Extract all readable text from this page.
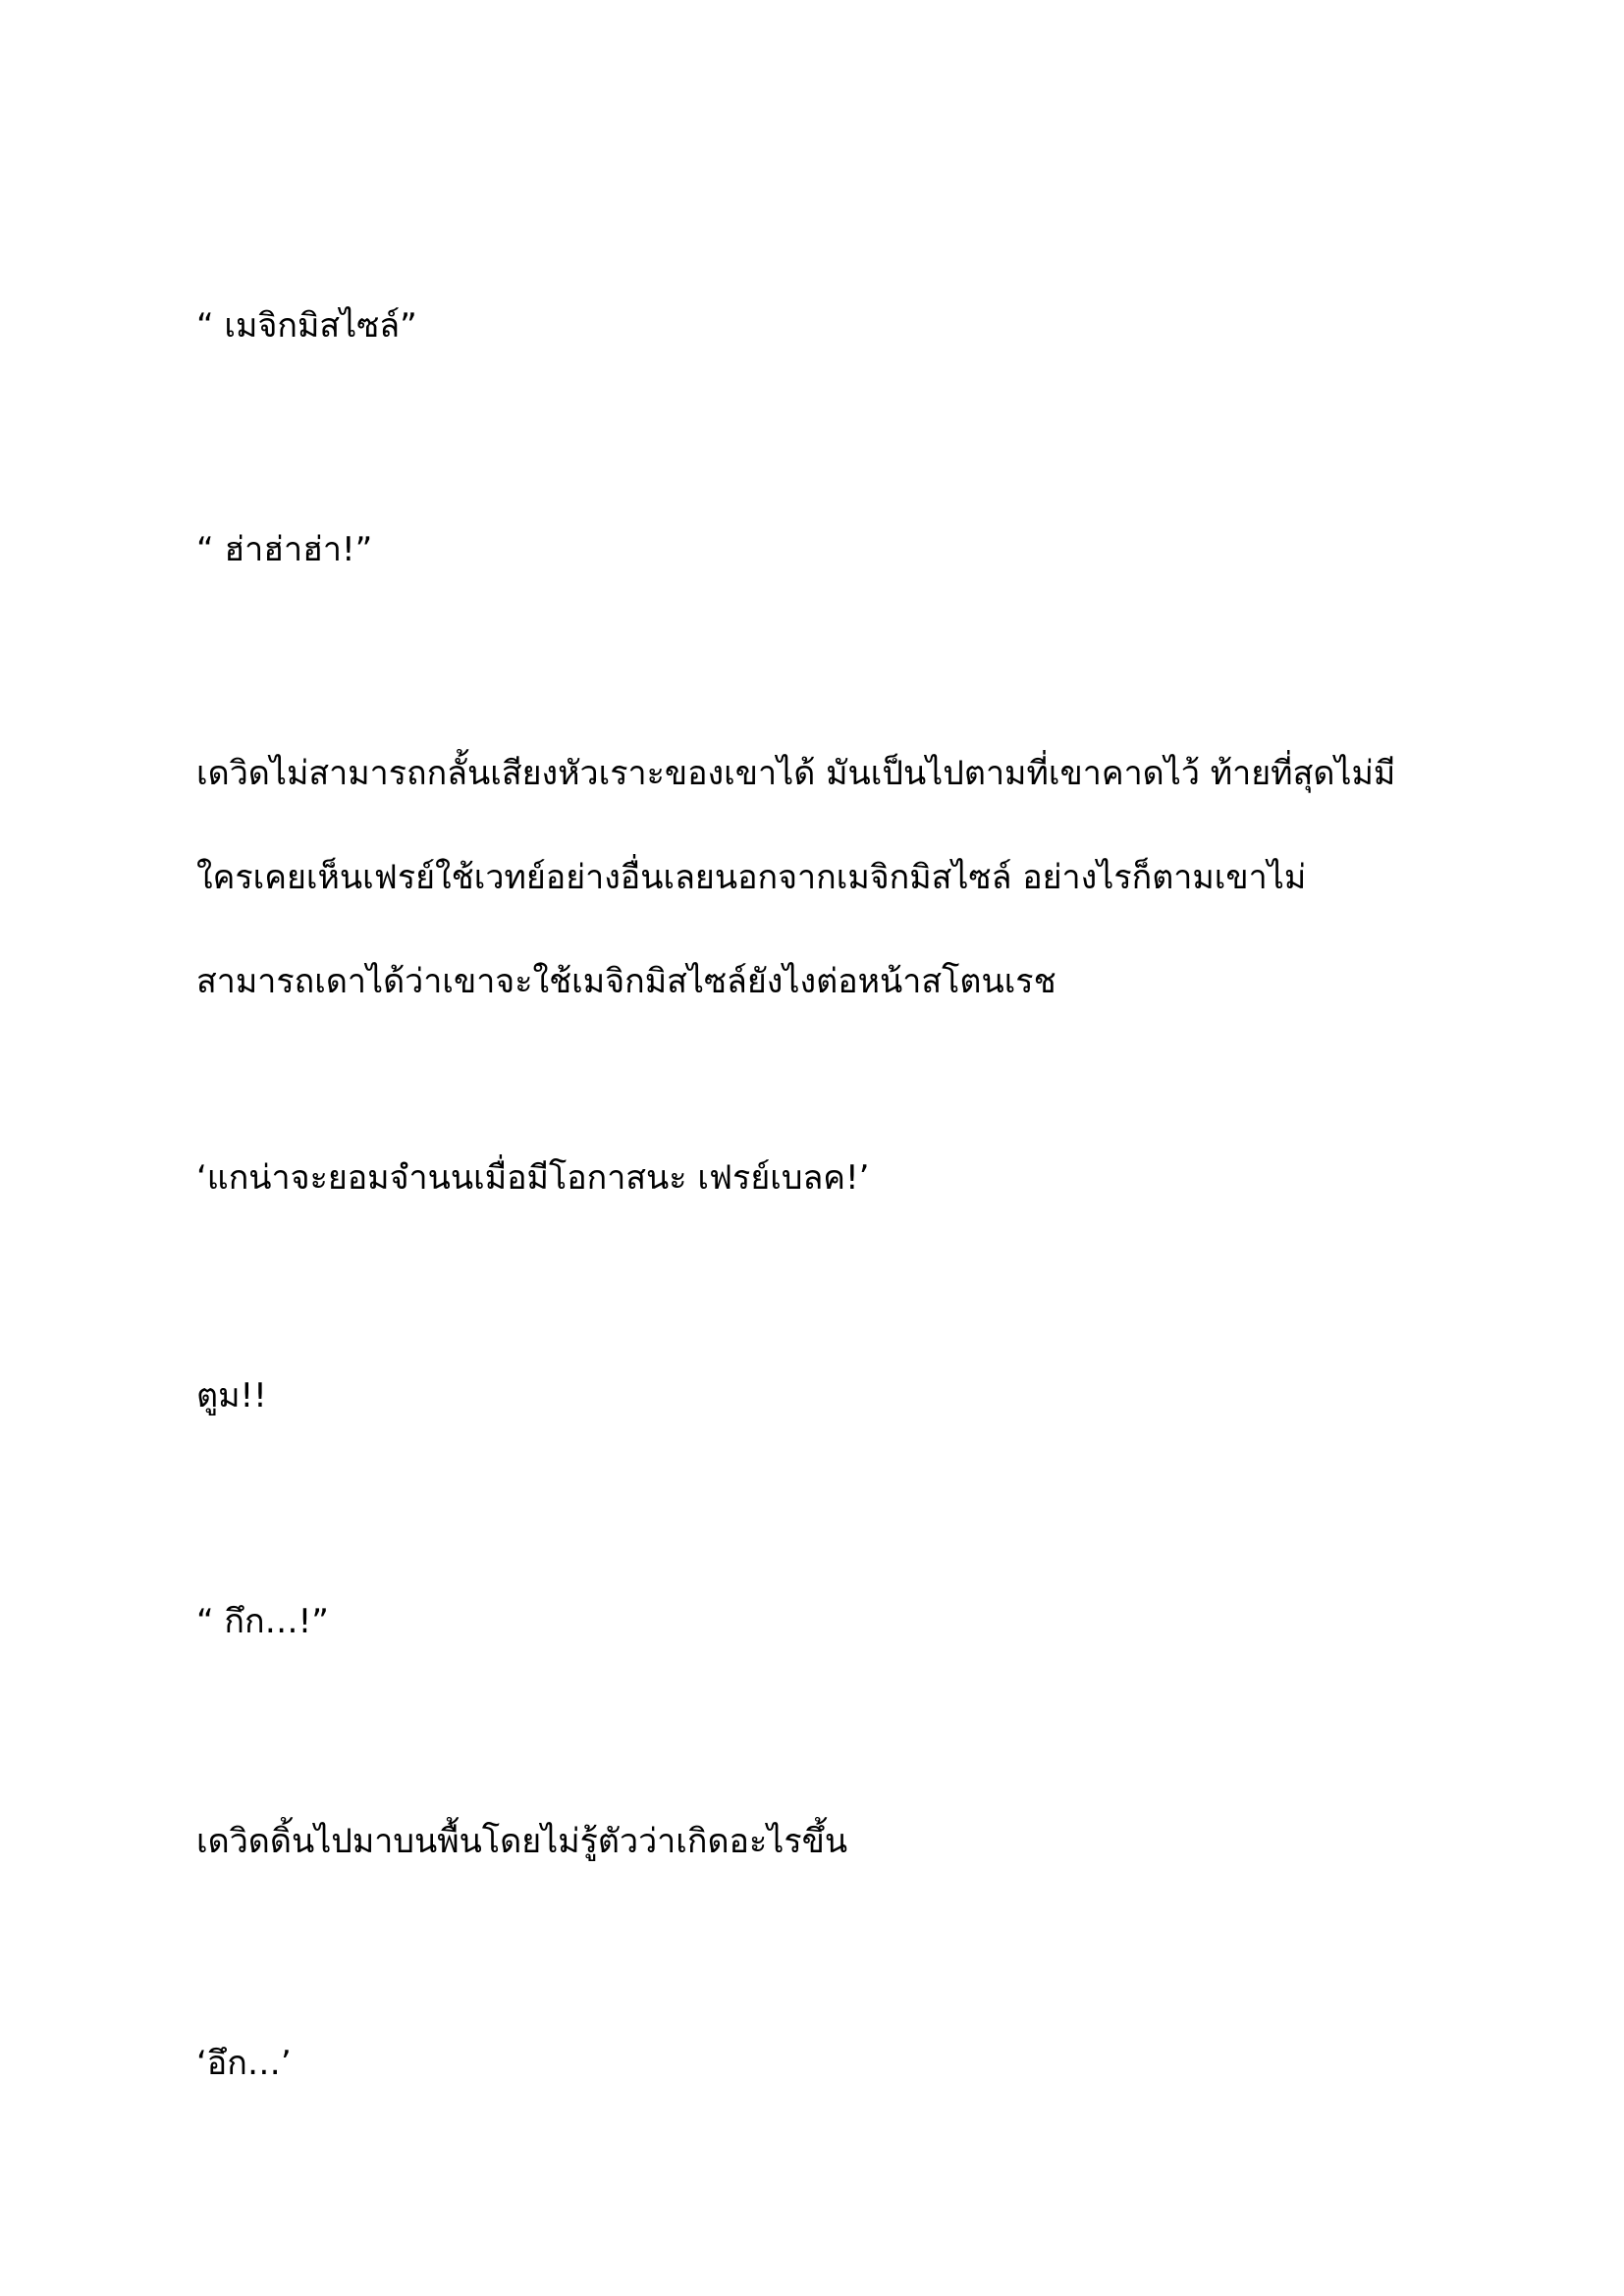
“ เมจิกมิสไซล์”
“ ฮ่าฮ่าฮ่า!”
เดวิดไม่สามารถกลั้นเสียงหัวเราะของเขาได้ มันเป็นไปตามที่เขาคาดไว้ ท้ายที่สุดไม่มี
ใครเคยเห็นเฟรย์ใช้เวทย์อย่างอื่นเลยนอกจากเมจิกมิสไซล์ อย่างไรก็ตามเขาไม่
สามารถเดาได้ว่าเขาจะใช้เมจิกมิสไซล์ยังไงต่อหน้าสโตนเรช
‘แกน่าจะยอมจำนนเมื่อมีโอกาสนะ เฟรย์เบลค!’
ตูม!!
“ กึก…!”
เดวิดดิ้นไปมาบนพื้นโดยไม่รู้ตัวว่าเกิดอะไรขึ้น
‘อึก…’
